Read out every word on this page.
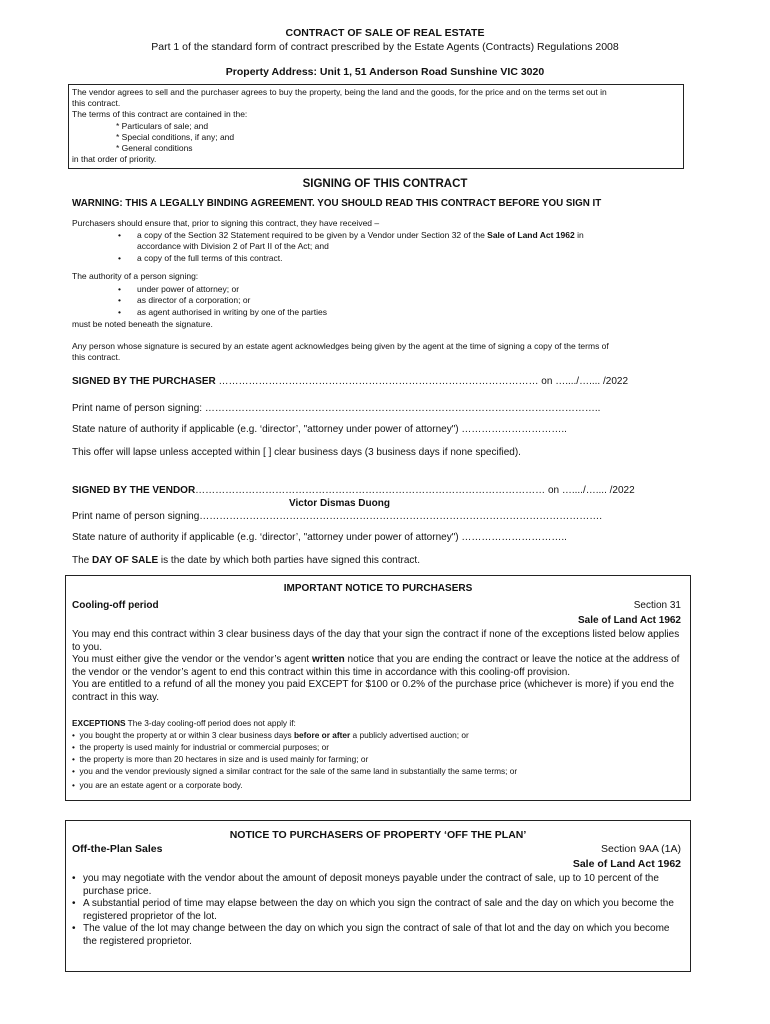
CONTRACT OF SALE OF REAL ESTATE
Part 1 of the standard form of contract prescribed by the Estate Agents (Contracts) Regulations 2008
Property Address: Unit 1, 51 Anderson Road Sunshine VIC 3020
The vendor agrees to sell and the purchaser agrees to buy the property, being the land and the goods, for the price and on the terms set out in
this contract.
The terms of this contract are contained in the:
* Particulars of sale; and
* Special conditions, if any; and
* General conditions
in that order of priority.
SIGNING OF THIS CONTRACT
WARNING: THIS A LEGALLY BINDING AGREEMENT. YOU SHOULD READ THIS CONTRACT BEFORE YOU SIGN IT
Purchasers should ensure that, prior to signing this contract, they have received –
• a copy of the Section 32 Statement required to be given by a Vendor under Section 32 of the Sale of Land Act 1962 in
accordance with Division 2 of Part II of the Act; and
• a copy of the full terms of this contract.
The authority of a person signing:
• under power of attorney; or
• as director of a corporation; or
• as agent authorised in writing by one of the parties
must be noted beneath the signature.
Any person whose signature is secured by an estate agent acknowledges being given by the agent at the time of signing a copy of the terms of
this contract.
SIGNED BY THE PURCHASER …………………………………………………………………………………… on …..../….... /2022
Print name of person signing: ………………………………………………………………………………………………………..
State nature of authority if applicable (e.g. ‘director’, "attorney under power of attorney") …………………………..
This offer will lapse unless accepted within [ ] clear business days (3 business days if none specified).
SIGNED BY THE VENDOR…………………………………………………………………………………………… on …..../….... /2022
Victor Dismas Duong
Print name of person signing………………………………………………………………………………………………………….
State nature of authority if applicable (e.g. ‘director’, "attorney under power of attorney") …………………………..
The DAY OF SALE is the date by which both parties have signed this contract.
IMPORTANT NOTICE TO PURCHASERS
Cooling-off period	Section 31
Sale of Land Act 1962
You may end this contract within 3 clear business days of the day that your sign the contract if none of the exceptions listed below applies to you.
You must either give the vendor or the vendor’s agent written notice that you are ending the contract or leave the notice at the address of the vendor or the vendor’s agent to end this contract within this time in accordance with this cooling-off provision.
You are entitled to a refund of all the money you paid EXCEPT for $100 or 0.2% of the purchase price (whichever is more) if you end the contract in this way.
EXCEPTIONS The 3-day cooling-off period does not apply if:
•  you bought the property at or within 3 clear business days before or after a publicly advertised auction; or
•  the property is used mainly for industrial or commercial purposes; or
•  the property is more than 20 hectares in size and is used mainly for farming; or
•  you and the vendor previously signed a similar contract for the sale of the same land in substantially the same terms; or
•  you are an estate agent or a corporate body.
NOTICE TO PURCHASERS OF PROPERTY ‘OFF THE PLAN’
Off-the-Plan Sales	Section 9AA (1A)
Sale of Land Act 1962
• you may negotiate with the vendor about the amount of deposit moneys payable under the contract of sale, up to 10 percent of the purchase price.
• A substantial period of time may elapse between the day on which you sign the contract of sale and the day on which you become the registered proprietor of the lot.
• The value of the lot may change between the day on which you sign the contract of sale of that lot and the day on which you become the registered proprietor.
